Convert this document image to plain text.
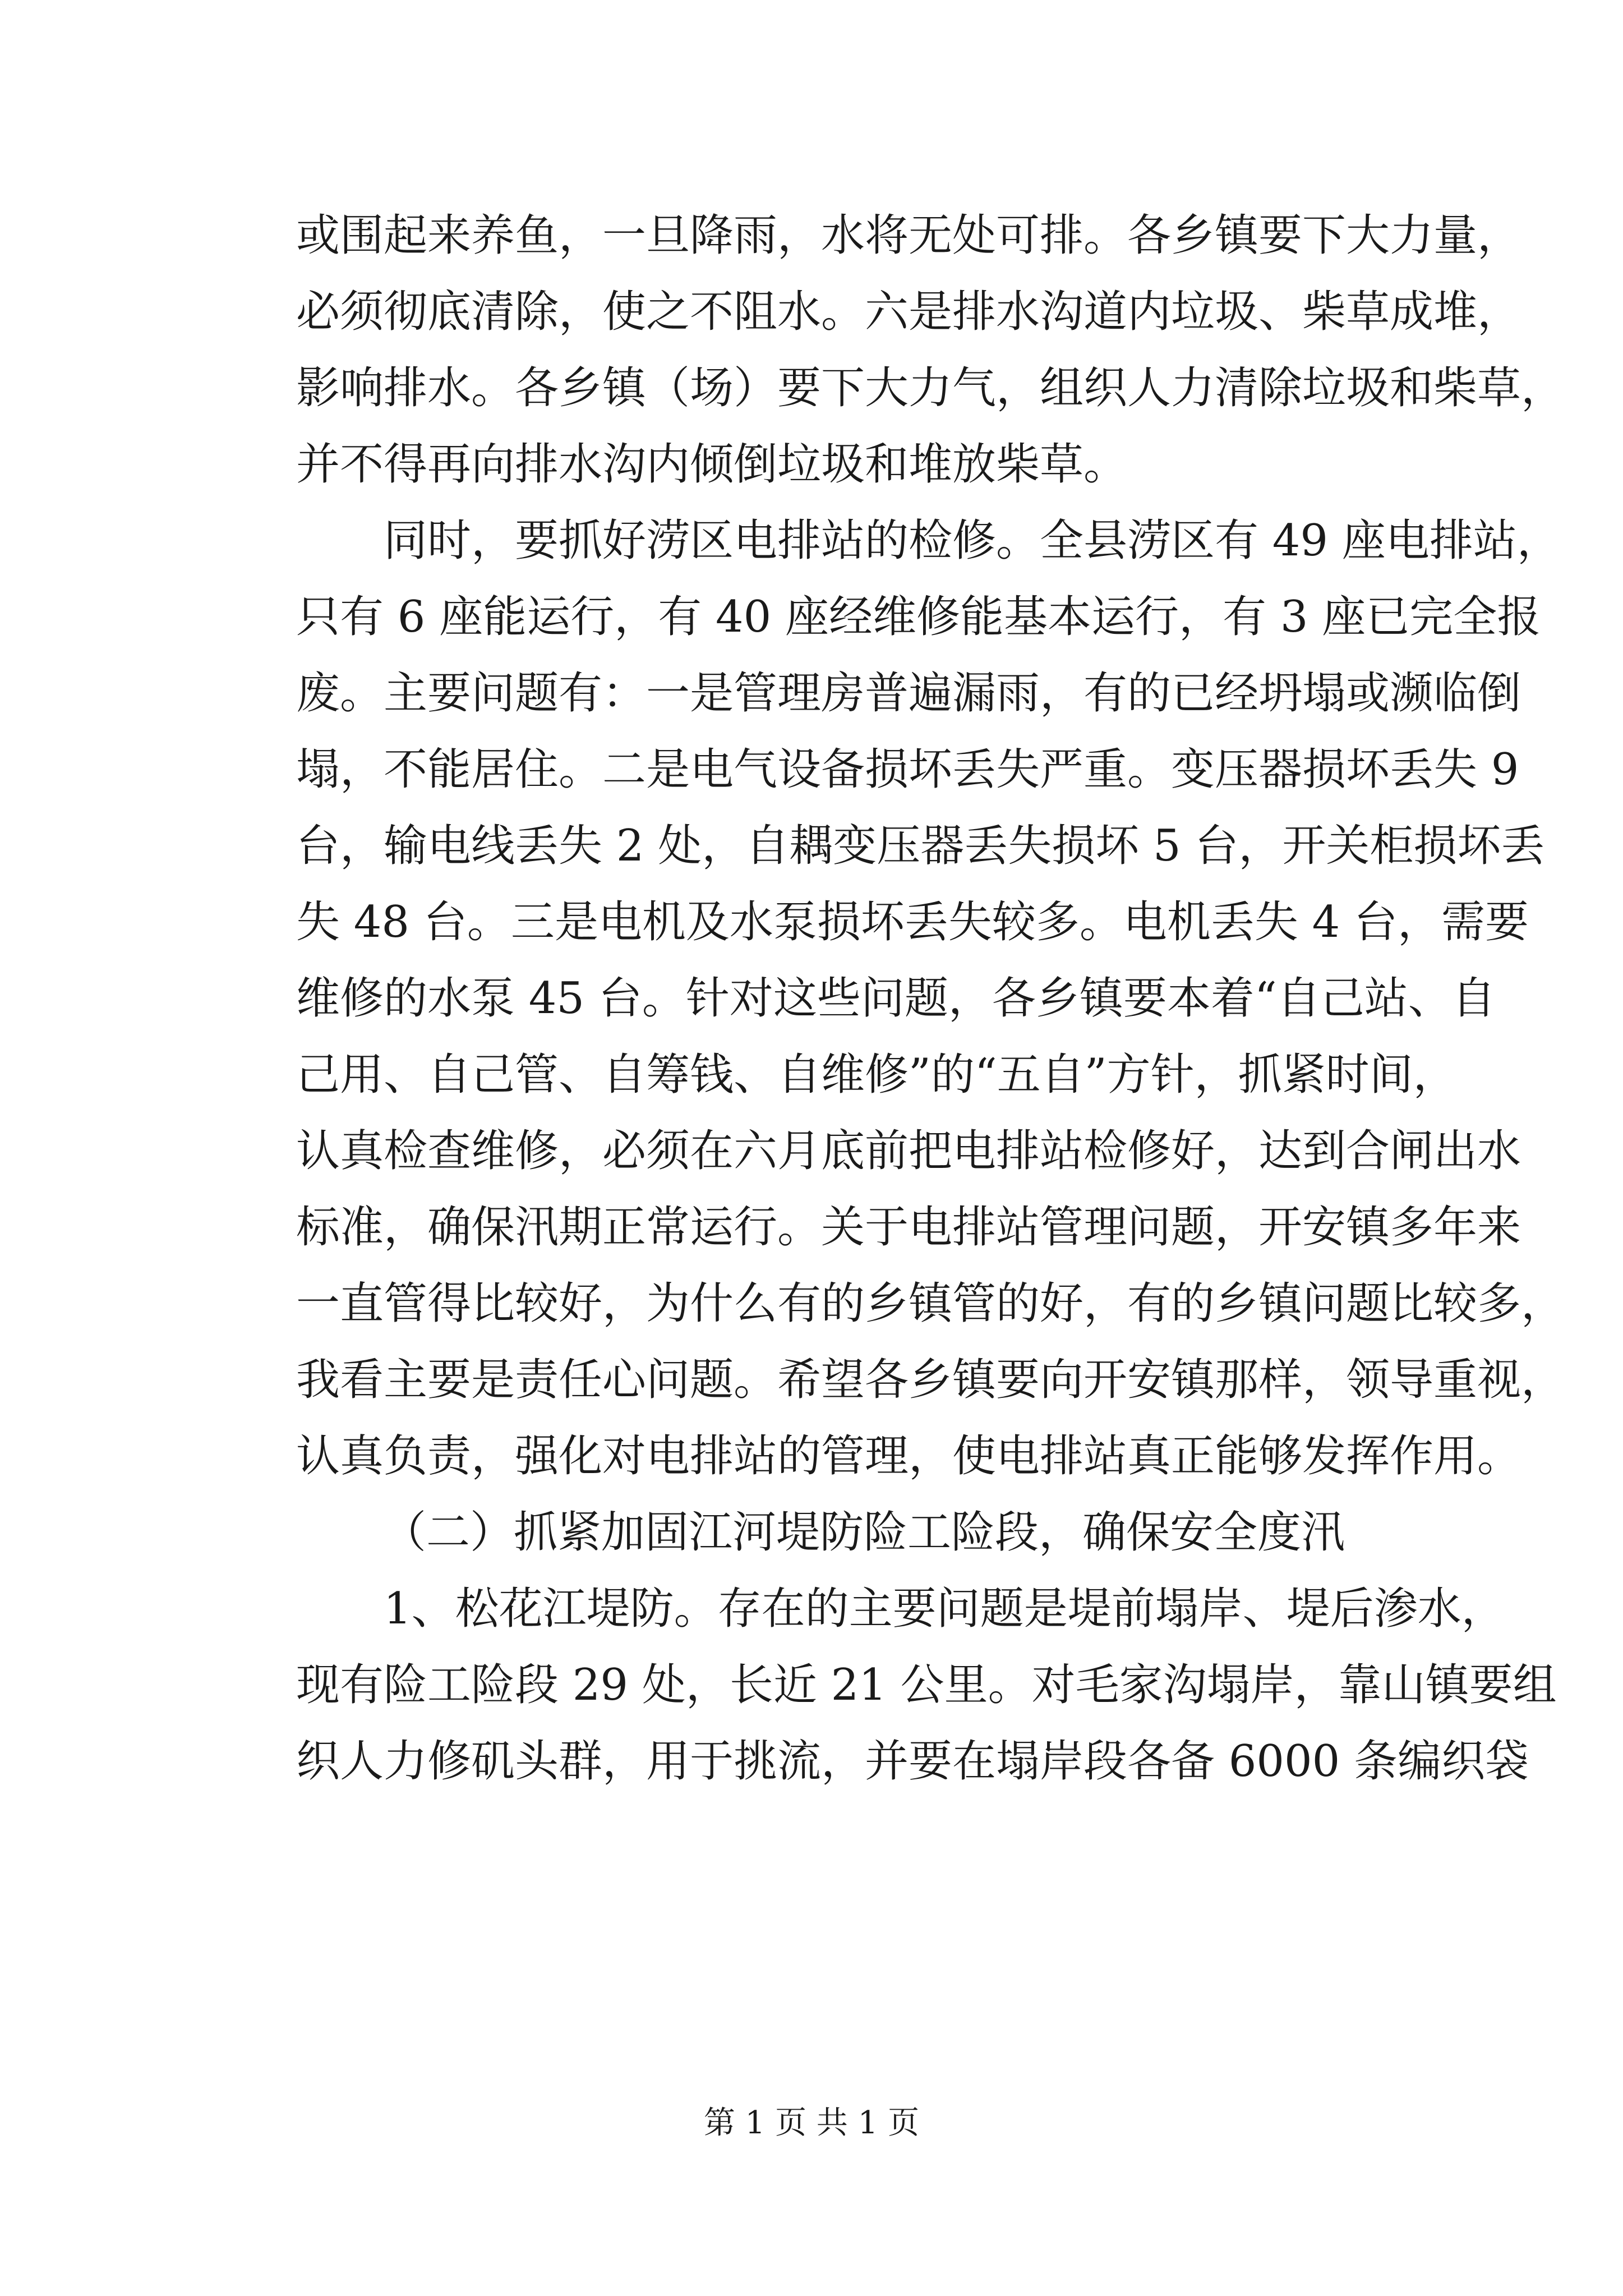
或围起来养鱼，一旦降雨，水将无处可排。各乡镇要下大力量，
必须彻底清除，使之不阻水。六是排水沟道内垃圾、柴草成堆，
影响排水。各乡镇（场）要下大力气，组织人力清除垃圾和柴草，
并不得再向排水沟内倾倒垃圾和堆放柴草。
　　同时，要抓好涝区电排站的检修。全县涝区有 49 座电排站，
只有 6 座能运行，有 40 座经维修能基本运行，有 3 座已完全报
废。主要问题有：一是管理房普遍漏雨，有的已经坍塌或濒临倒
塌，不能居住。二是电气设备损坏丢失严重。变压器损坏丢失 9
台，输电线丢失 2 处，自耦变压器丢失损坏 5 台，开关柜损坏丢
失 48 台。三是电机及水泵损坏丢失较多。电机丢失 4 台，需要
维修的水泵 45 台。针对这些问题，各乡镇要本着“自己站、自
己用、自己管、自筹钱、自维修”的“五自”方针，抓紧时间，
认真检查维修，必须在六月底前把电排站检修好，达到合闸出水
标准，确保汛期正常运行。关于电排站管理问题，开安镇多年来
一直管得比较好，为什么有的乡镇管的好，有的乡镇问题比较多，
我看主要是责任心问题。希望各乡镇要向开安镇那样，领导重视，
认真负责，强化对电排站的管理，使电排站真正能够发挥作用。
　　（二）抓紧加固江河堤防险工险段，确保安全度汛
　　1、松花江堤防。存在的主要问题是堤前塌岸、堤后渗水，
现有险工险段 29 处，长近 21 公里。对毛家沟塌岸，靠山镇要组
织人力修矶头群，用于挑流，并要在塌岸段各备 6000 条编织袋
第 1 页 共 1 页
